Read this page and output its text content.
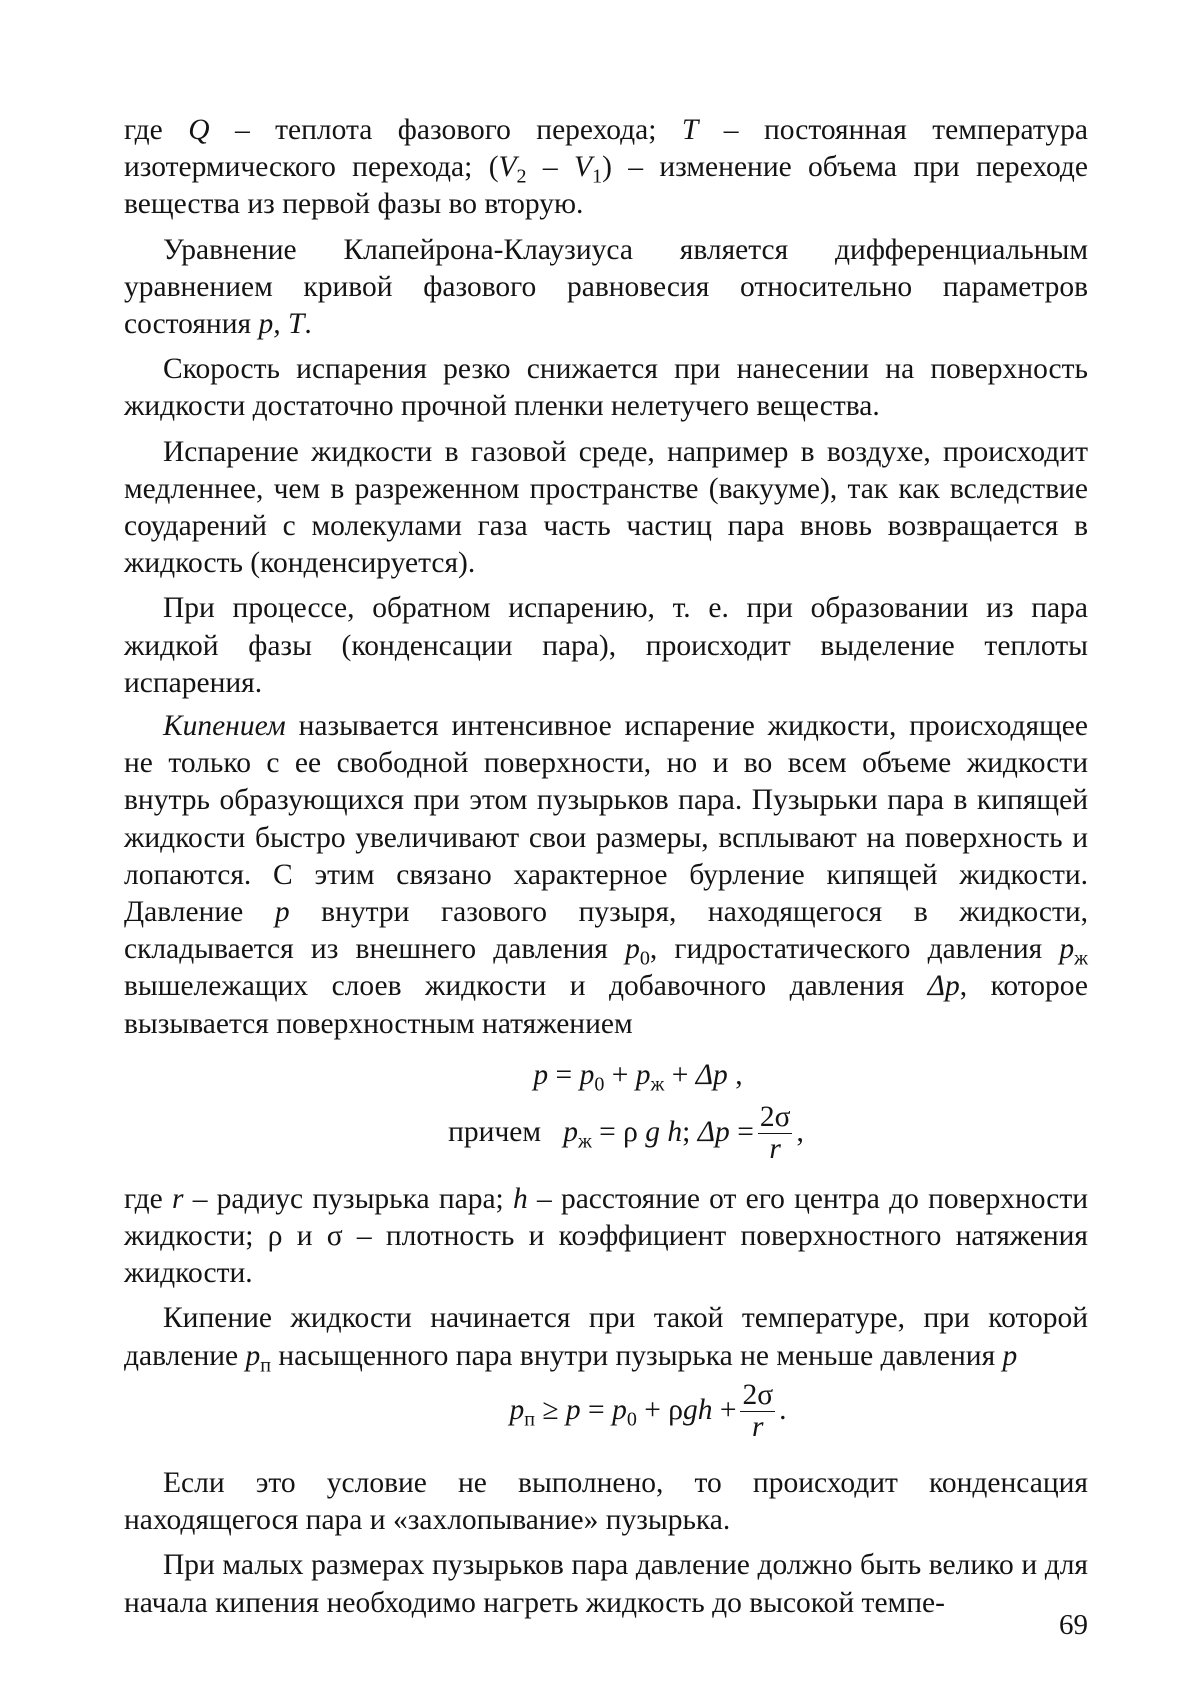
где Q – теплота фазового перехода; T – постоянная температура изотермического перехода; $(V_2 - V_1)$ – изменение объема при переходе вещества из первой фазы во вторую.

Уравнение Клапейрона-Клаузиуса является дифференциальным уравнением кривой фазового равновесия относительно параметров состояния p, T.

Скорость испарения резко снижается при нанесении на поверхность жидкости достаточно прочной пленки нелетучего вещества.

Испарение жидкости в газовой среде, например в воздухе, происходит медленнее, чем в разреженном пространстве (вакууме), так как вследствие соударений с молекулами газа часть частиц пара вновь возвращается в жидкость (конденсируется).

При процессе, обратном испарению, т. е. при образовании из пара жидкой фазы (конденсации пара), происходит выделение теплоты испарения.

Кипением называется интенсивное испарение жидкости, происходящее не только с ее свободной поверхности, но и во всем объеме жидкости внутрь образующихся при этом пузырьков пара. Пузырьки пара в кипящей жидкости быстро увеличивают свои размеры, всплывают на поверхность и лопаются. С этим связано характерное бурление кипящей жидкости. Давление p внутри газового пузыря, находящегося в жидкости, складывается из внешнего давления $p_0$, гидростатического давления $p_ж$ вышележащих слоев жидкости и добавочного давления Δp, которое вызывается поверхностным натяжением

$p = p_0 + p_ж + \Delta p$ ,
причем   $p_ж = \rho$ g h; $\Delta p = \frac{2\sigma}{r}$ ,

где r – радиус пузырька пара; h – расстояние от его центра до поверхности жидкости; ρ и σ – плотность и коэффициент поверхностного натяжения жидкости.

Кипение жидкости начинается при такой температуре, при которой давление $p_п$ насыщенного пара внутри пузырька не меньше давления p

$p_п \ge p = p_0 + \rho gh + \frac{2\sigma}{r}$ .

Если это условие не выполнено, то происходит конденсация находящегося пара и «захлопывание» пузырька.

При малых размерах пузырьков пара давление должно быть велико и для начала кипения необходимо нагреть жидкость до высокой темпе-

69
